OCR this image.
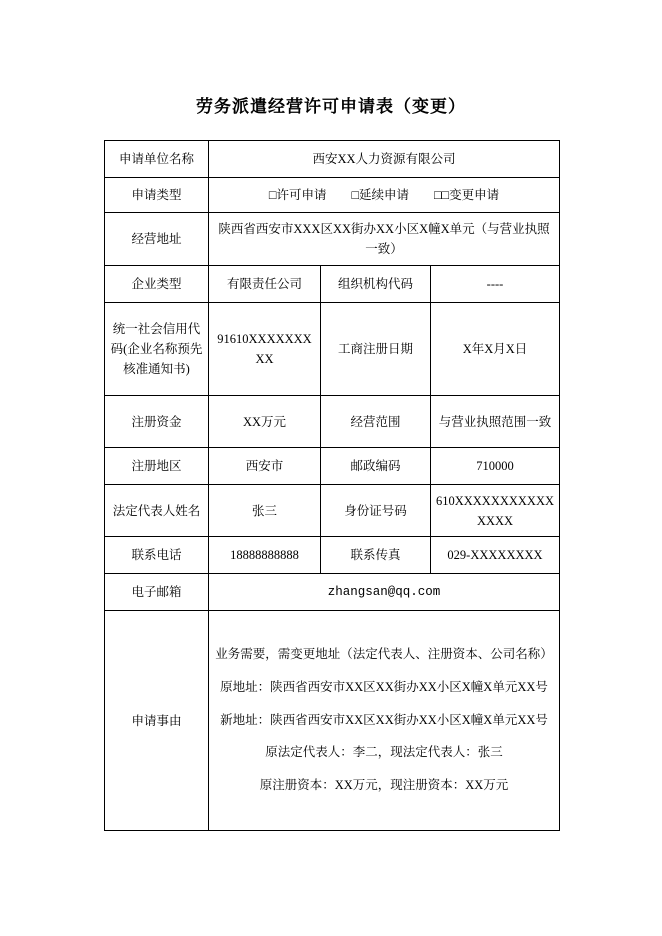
劳务派遣经营许可申请表（变更）
申请单位名称	西安XX人力资源有限公司		
申请类型	□许可申请　　□延续申请　　□□变更申请		
经营地址	陕西省西安市XXX区XX街办XX小区X幢X单元（与营业执照一致）		
企业类型	有限责任公司	组织机构代码	----
统一社会信用代码(企业名称预先核准通知书)	91610XXXXXXXXX	工商注册日期	X年X月X日
注册资金	XX万元	经营范围	与营业执照范围一致
注册地区	西安市	邮政编码	710000
法定代表人姓名	张三	身份证号码	610XXXXXXXXXXXXXXX
联系电话	18888888888	联系传真	029-XXXXXXXX
电子邮箱	zhangsan@qq.com		
申请事由	业务需要，需变更地址（法定代表人、注册资本、公司名称）
原地址：陕西省西安市XX区XX街办XX小区X幢X单元XX号
新地址：陕西省西安市XX区XX街办XX小区X幢X单元XX号
原法定代表人：李二，现法定代表人：张三
原注册资本：XX万元，现注册资本：XX万元		
